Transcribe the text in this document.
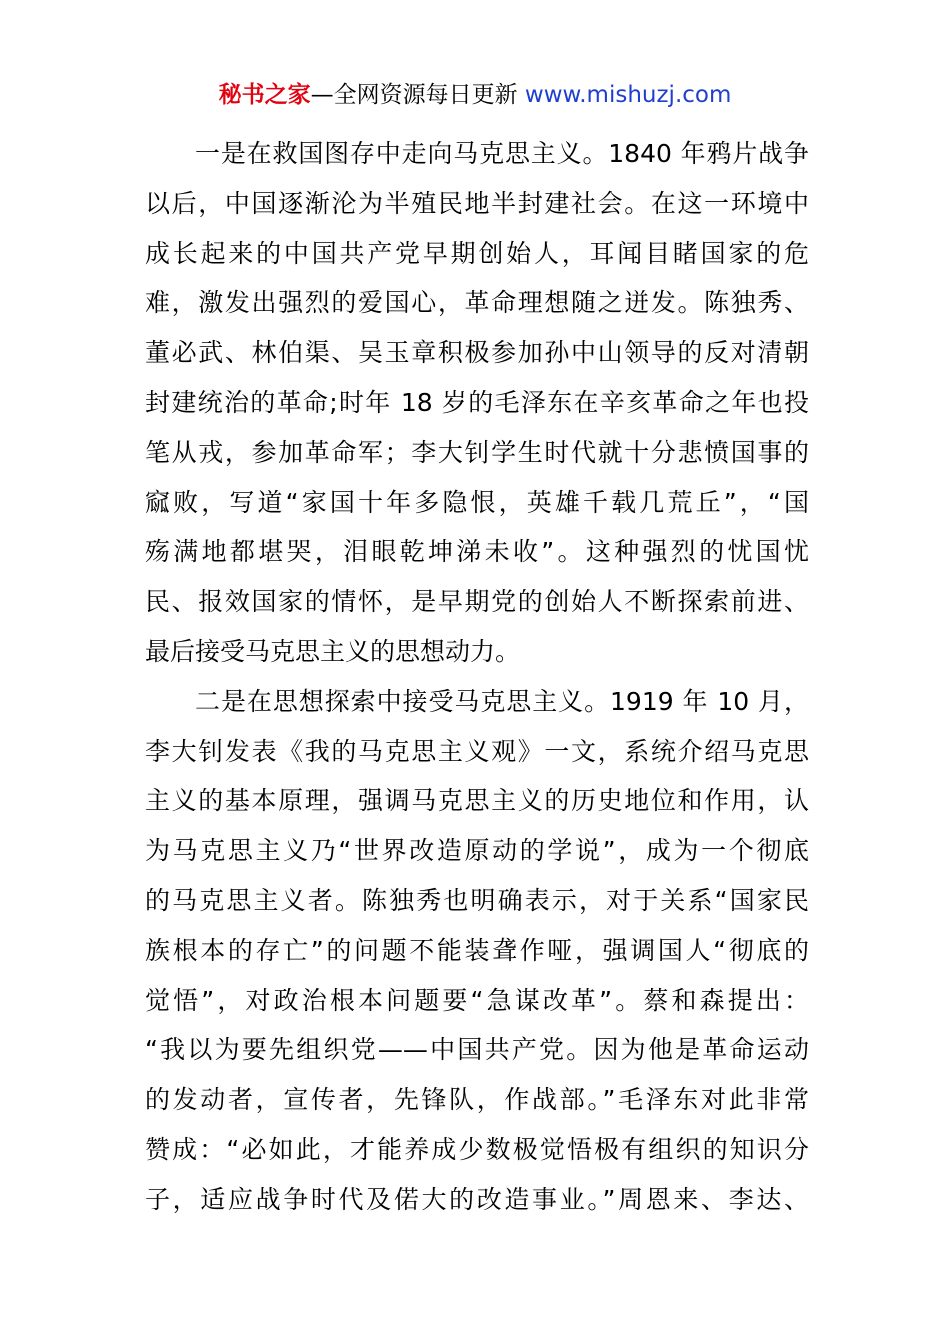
秘书之家—全网资源每日更新 www.mishuzj.com
一是在救国图存中走向马克思主义。1840 年鸦片战争
以后，中国逐渐沦为半殖民地半封建社会。在这一环境中
成长起来的中国共产党早期创始人，耳闻目睹国家的危
难，激发出强烈的爱国心，革命理想随之迸发。陈独秀、
董必武、林伯渠、吴玉章积极参加孙中山领导的反对清朝
封建统治的革命;时年 18 岁的毛泽东在辛亥革命之年也投
笔从戎，参加革命军；李大钊学生时代就十分悲愤国事的
窳败，写道“家国十年多隐恨，英雄千载几荒丘”，“国
殇满地都堪哭，泪眼乾坤涕未收”。这种强烈的忧国忧
民、报效国家的情怀，是早期党的创始人不断探索前进、
最后接受马克思主义的思想动力。
二是在思想探索中接受马克思主义。1919 年 10 月，
李大钊发表《我的马克思主义观》一文，系统介绍马克思
主义的基本原理，强调马克思主义的历史地位和作用，认
为马克思主义乃“世界改造原动的学说”，成为一个彻底
的马克思主义者。陈独秀也明确表示，对于关系“国家民
族根本的存亡”的问题不能装聋作哑，强调国人“彻底的
觉悟”，对政治根本问题要“急谋改革”。蔡和森提出：
“我以为要先组织党——中国共产党。因为他是革命运动
的发动者，宣传者，先锋队，作战部。”毛泽东对此非常
赞成：“必如此，才能养成少数极觉悟极有组织的知识分
子，适应战争时代及偌大的改造事业。”周恩来、李达、
